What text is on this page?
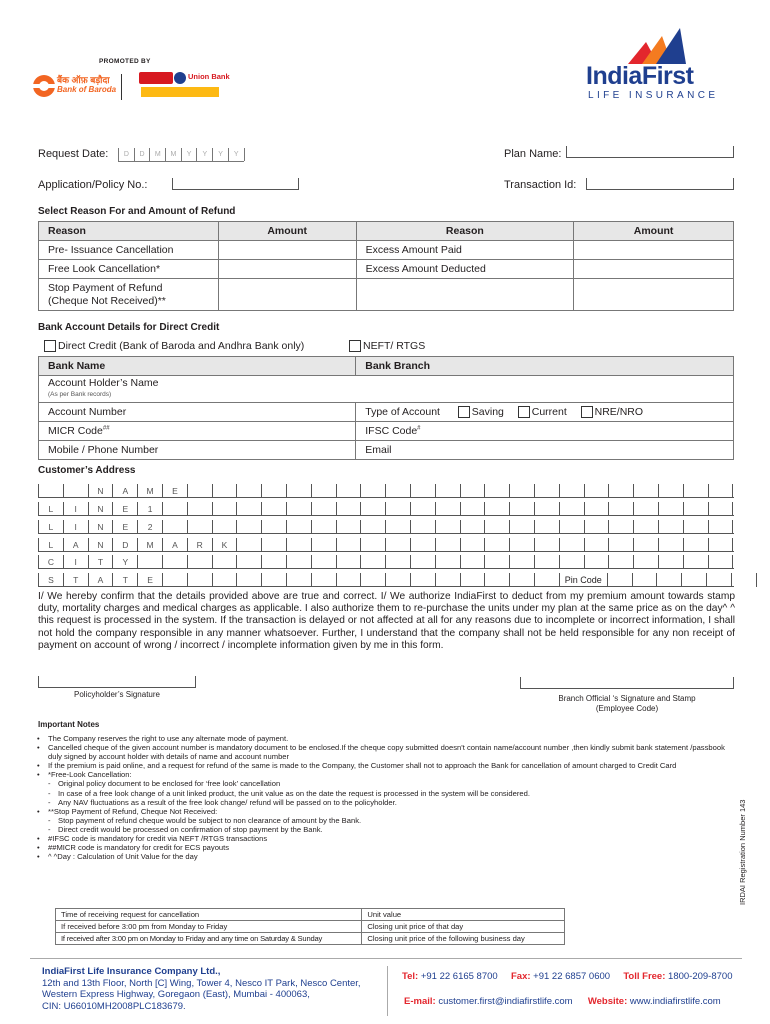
PROMOTED BY
बैंक ऑफ़ बड़ौदा
Bank of Baroda
Union Bank	IndiaFirst
LIFE INSURANCE
Request Date:	D	D	M	M	Y	Y	Y	Y	Plan Name:
Application/Policy No.:	Transaction Id:
Select Reason For and Amount of Refund
Reason	Amount	Reason	Amount
Pre- Issuance Cancellation		Excess Amount Paid	
Free Look Cancellation*		Excess Amount Deducted	

Stop Payment of Refund
(Cheque Not Received)**			

Bank Account Details for Direct Credit
Direct Credit (Bank of Baroda and Andhra Bank only)	NEFT/ RTGS
Bank Name	Bank Branch

Account Holder’s Name
(As per Bank records)	

Account Number	Type of Account Saving Current NRE/NRO
MICR Code##	IFSC Code#
Mobile / Phone Number	Email
Customer’s Address
N	A	M	E
L	I	N	E	1
L	I	N	E	2
L	A	N	D	M	A	R	K
C	I	T	Y
S	T	A	T	E	Pin Code
I/ We hereby confirm that the details provided above are true and correct. I/ We authorize IndiaFirst to deduct from my premium amount towards stamp duty, mortality charges and medical charges as applicable. I also authorize them to re-purchase the units under my plan at the same price as on the day^ ^ this request is processed in the system. If the transaction is delayed or not affected at all for any reasons due to incomplete or incorrect information, I shall not hold the company responsible in any manner whatsoever. Further, I understand that the company shall not be held responsible for any non receipt of payment on account of wrong / incorrect / incomplete information given by me in this form.
Policyholder’s Signature	Branch Official ‘s Signature and Stamp
(Employee Code)
Important Notes
• The Company reserves the right to use any alternate mode of payment.
• Cancelled cheque of the given account number is mandatory document to be enclosed.If the cheque copy submitted doesn't contain name/account number ,then kindly submit bank statement /passbook duly signed by account holder with details of name and account number
• If the premium is paid online, and a request for refund of the same is made to the Company, the Customer shall not to approach the Bank for cancellation of amount charged to Credit Card
• *Free-Look Cancellation:
- Original policy document to be enclosed for ‘free look’ cancellation
- In case of a free look change of a unit linked product, the unit value as on the date the request is processed in the system will be considered.
- Any NAV fluctuations as a result of the free look change/ refund will be passed on to the policyholder.
• **Stop Payment of Refund, Cheque Not Received:
- Stop payment of refund cheque would be subject to non clearance of amount by the Bank.
- Direct credit would be processed on confirmation of stop payment by the Bank.
• #IFSC code is mandatory for credit via NEFT /RTGS transactions
• ##MICR code is mandatory for credit for ECS payouts
• ^ ^Day : Calculation of Unit Value for the day
Time of receiving request for cancellation	Unit value
If received before 3:00 pm from Monday to Friday	Closing unit price of that day
If received after 3:00 pm on Monday to Friday and any time on Saturday & Sunday	Closing unit price of the following business day
IRDAI Registration Number 143
IndiaFirst Life Insurance Company Ltd.,
12th and 13th Floor, North [C] Wing, Tower 4, Nesco IT Park, Nesco Center,
Western Express Highway, Goregaon (East), Mumbai - 400063,
CIN: U66010MH2008PLC183679.
Tel: +91 22 6165 8700 Fax: +91 22 6857 0600 Toll Free: 1800-209-8700
E-mail: customer.first@indiafirstlife.com Website: www.indiafirstlife.com
